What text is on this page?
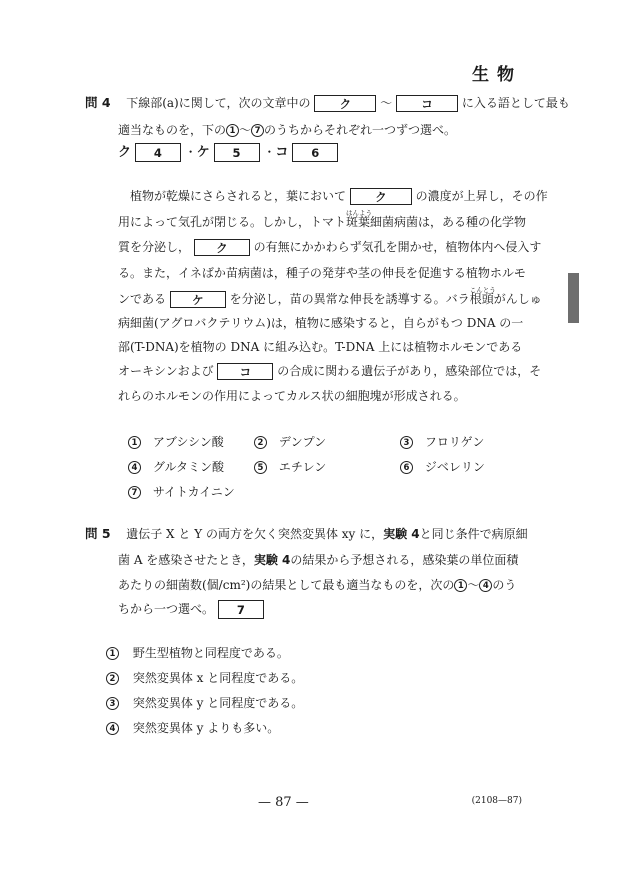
生物
問 4 下線部(a)に関して，次の文章中の	ク ～	コ に入る語として最も
適当なものを，下の 1 ～ 7 のうちからそれぞれ一つずつ選べ。
ク 4 ・ケ 5 ・コ 6
植物が乾燥にさらされると，葉において	ク の濃度が上昇し，その作
用によって気孔が閉じる。しかし，トマト
はんよう
斑葉細菌病菌は，ある種の化学物
質を分泌し， ク の有無にかかわらず気孔を開かせ，植物体内へ侵入す
る。また，イネばか苗病菌は，種子の発芽や茎の伸長を促進する植物ホルモ
ンである ケ を分泌し，苗の異常な伸長を誘導する。バラ
こんとう
根頭がんしゅ
病細菌(アグロバクテリウム)は，植物に感染すると，自らがもつ DNA の一
部(T-DNA)を植物の DNA に組み込む。T-DNA 上には植物ホルモンである
オーキシンおよび コ の合成に関わる遺伝子があり，感染部位では，そ
れらのホルモンの作用によってカルス状の細胞塊が形成される。
1 アブシシン酸	2 デンプン	3 フロリゲン
4 グルタミン酸	5 エチレン	6 ジベレリン
7 サイトカイニン
問 5 遺伝子 X と Y の両方を欠く突然変異体 xy に，実験 4と同じ条件で病原細
菌 A を感染させたとき，実験 4の結果から予想される，感染葉の単位面積
あたりの細菌数(個/cm²)の結果として最も適当なものを，次の 1 ～ 4 のう
ちから一つ選べ。 7
1 野生型植物と同程度である。
2 突然変異体 x と同程度である。
3 突然変異体 y と同程度である。
4 突然変異体 y よりも多い。
— 87 —	(2108—87)
